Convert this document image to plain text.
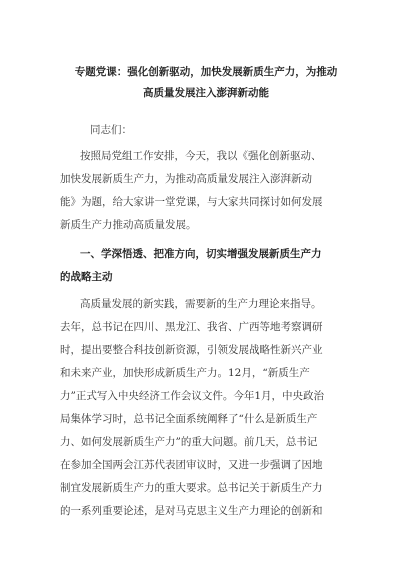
专题党课：强化创新驱动，加快发展新质生产力，为推动
高质量发展注入澎湃新动能

同志们：

按照局党组工作安排，今天，我以《强化创新驱动、
加快发展新质生产力，为推动高质量发展注入澎湃新动
能》为题，给大家讲一堂党课，与大家共同探讨如何发展
新质生产力推动高质量发展。

一、学深悟透、把准方向，切实增强发展新质生产力
的战略主动

高质量发展的新实践，需要新的生产力理论来指导。
去年，总书记在四川、黑龙江、我省、广西等地考察调研
时，提出要整合科技创新资源，引领发展战略性新兴产业
和未来产业，加快形成新质生产力。12月，“新质生产
力”正式写入中央经济工作会议文件。今年1月，中央政治
局集体学习时，总书记全面系统阐释了“什么是新质生产
力、如何发展新质生产力”的重大问题。前几天，总书记
在参加全国两会江苏代表团审议时，又进一步强调了因地
制宜发展新质生产力的重大要求。总书记关于新质生产力
的一系列重要论述，是对马克思主义生产力理论的创新和
